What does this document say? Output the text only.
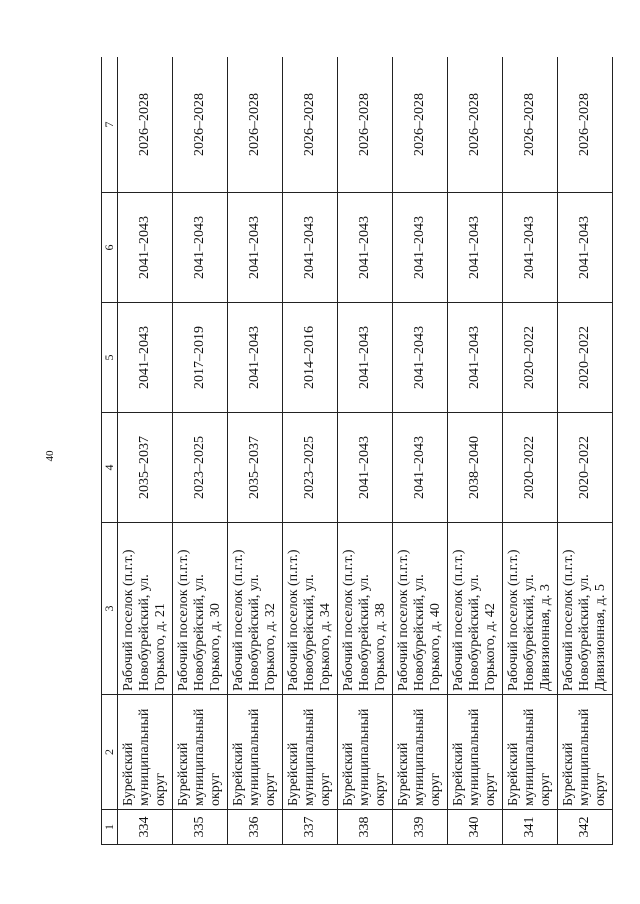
40
1	2	3	4	5	6	7
334	Бурейский муниципальный округ	Рабочий поселок (п.г.т.) Новобурейский, ул. Горького, д. 21	2035–2037	2041–2043	2041–2043	2026–2028
335	Бурейский муниципальный округ	Рабочий поселок (п.г.т.) Новобурейский, ул. Горького, д. 30	2023–2025	2017–2019	2041–2043	2026–2028
336	Бурейский муниципальный округ	Рабочий поселок (п.г.т.) Новобурейский, ул. Горького, д. 32	2035–2037	2041–2043	2041–2043	2026–2028
337	Бурейский муниципальный округ	Рабочий поселок (п.г.т.) Новобурейский, ул. Горького, д. 34	2023–2025	2014–2016	2041–2043	2026–2028
338	Бурейский муниципальный округ	Рабочий поселок (п.г.т.) Новобурейский, ул. Горького, д. 38	2041–2043	2041–2043	2041–2043	2026–2028
339	Бурейский муниципальный округ	Рабочий поселок (п.г.т.) Новобурейский, ул. Горького, д. 40	2041–2043	2041–2043	2041–2043	2026–2028
340	Бурейский муниципальный округ	Рабочий поселок (п.г.т.) Новобурейский, ул. Горького, д. 42	2038–2040	2041–2043	2041–2043	2026–2028
341	Бурейский муниципальный округ	Рабочий поселок (п.г.т.) Новобурейский, ул. Дивизионная, д. 3	2020–2022	2020–2022	2041–2043	2026–2028
342	Бурейский муниципальный округ	Рабочий поселок (п.г.т.) Новобурейский, ул. Дивизионная, д. 5	2020–2022	2020–2022	2041–2043	2026–2028
